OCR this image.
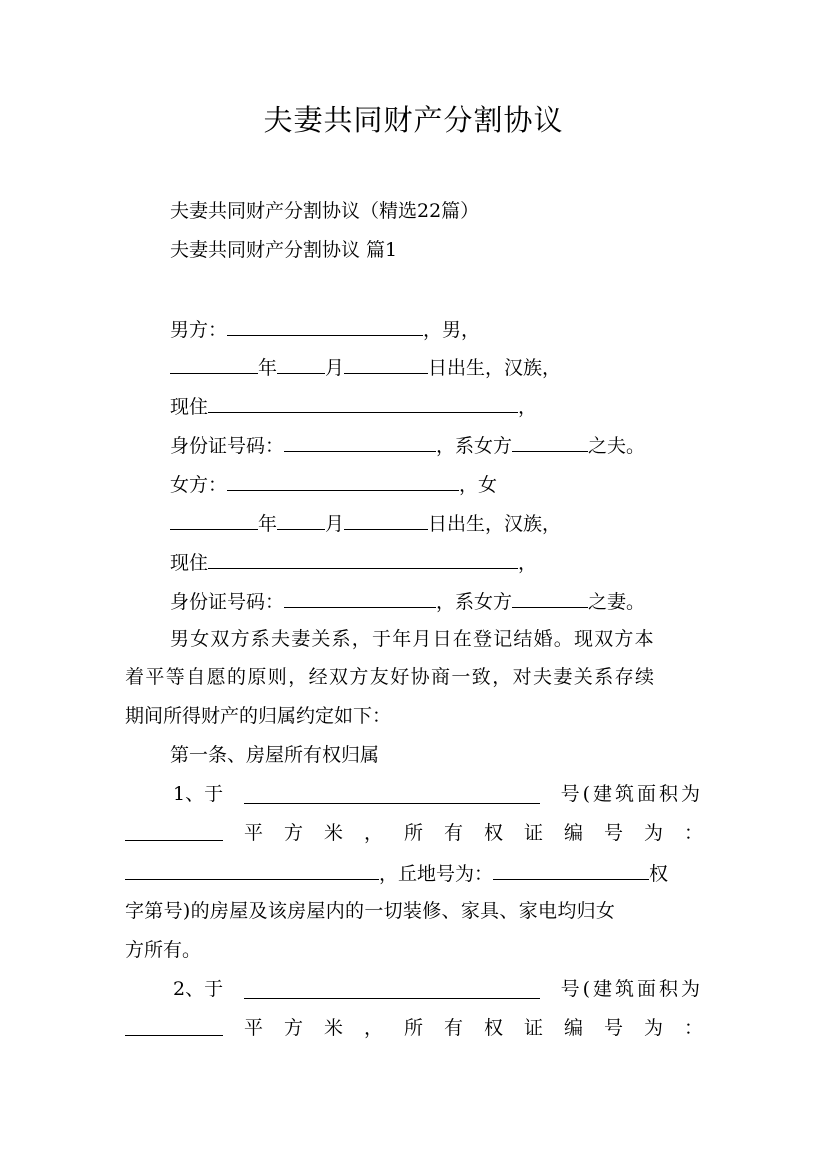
夫妻共同财产分割协议
夫妻共同财产分割协议（精选22篇）
夫妻共同财产分割协议 篇1
男方：	，男，
年	月	日出生，汉族，
现住	，
身份证号码：	，系女方	之夫。
女方：	，女
年	月	日出生，汉族，
现住	，
身份证号码：	，系女方	之妻。
男女双方系夫妻关系，于年月日在登记结婚。现双方本
着平等自愿的原则，经双方友好协商一致，对夫妻关系存续
期间所得财产的归属约定如下：
第一条、房屋所有权归属
1、于	号(建筑面积为
平 方 米 ， 所 有 权 证 编 号 为 ：
，丘地号为：	权
字第号)的房屋及该房屋内的一切装修、家具、家电均归女
方所有。
2、于	号(建筑面积为
平 方 米 ， 所 有 权 证 编 号 为 ：
